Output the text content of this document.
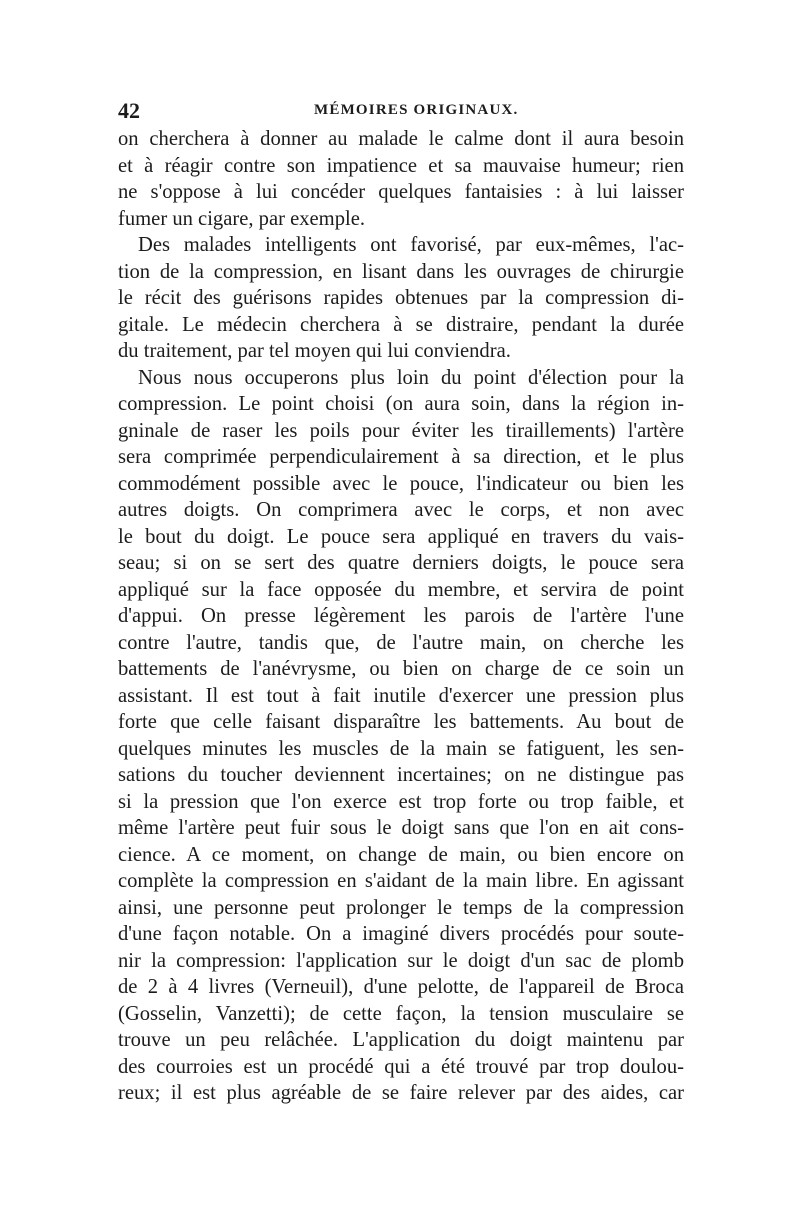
42	MÉMOIRES ORIGINAUX.
on cherchera à donner au malade le calme dont il aura besoin
et à réagir contre son impatience et sa mauvaise humeur; rien
ne s'oppose à lui concéder quelques fantaisies : à lui laisser
fumer un cigare, par exemple.
Des malades intelligents ont favorisé, par eux-mêmes, l'ac-
tion de la compression, en lisant dans les ouvrages de chirurgie
le récit des guérisons rapides obtenues par la compression di-
gitale. Le médecin cherchera à se distraire, pendant la durée
du traitement, par tel moyen qui lui conviendra.
Nous nous occuperons plus loin du point d'élection pour la
compression. Le point choisi (on aura soin, dans la région in-
gninale de raser les poils pour éviter les tiraillements) l'artère
sera comprimée perpendiculairement à sa direction, et le plus
commodément possible avec le pouce, l'indicateur ou bien les
autres doigts. On comprimera avec le corps, et non avec
le bout du doigt. Le pouce sera appliqué en travers du vais-
seau; si on se sert des quatre derniers doigts, le pouce sera
appliqué sur la face opposée du membre, et servira de point
d'appui. On presse légèrement les parois de l'artère l'une
contre l'autre, tandis que, de l'autre main, on cherche les
battements de l'anévrysme, ou bien on charge de ce soin un
assistant. Il est tout à fait inutile d'exercer une pression plus
forte que celle faisant disparaître les battements. Au bout de
quelques minutes les muscles de la main se fatiguent, les sen-
sations du toucher deviennent incertaines; on ne distingue pas
si la pression que l'on exerce est trop forte ou trop faible, et
même l'artère peut fuir sous le doigt sans que l'on en ait cons-
cience. A ce moment, on change de main, ou bien encore on
complète la compression en s'aidant de la main libre. En agissant
ainsi, une personne peut prolonger le temps de la compression
d'une façon notable. On a imaginé divers procédés pour soute-
nir la compression: l'application sur le doigt d'un sac de plomb
de 2 à 4 livres (Verneuil), d'une pelotte, de l'appareil de Broca
(Gosselin, Vanzetti); de cette façon, la tension musculaire se
trouve un peu relâchée. L'application du doigt maintenu par
des courroies est un procédé qui a été trouvé par trop doulou-
reux; il est plus agréable de se faire relever par des aides, car
